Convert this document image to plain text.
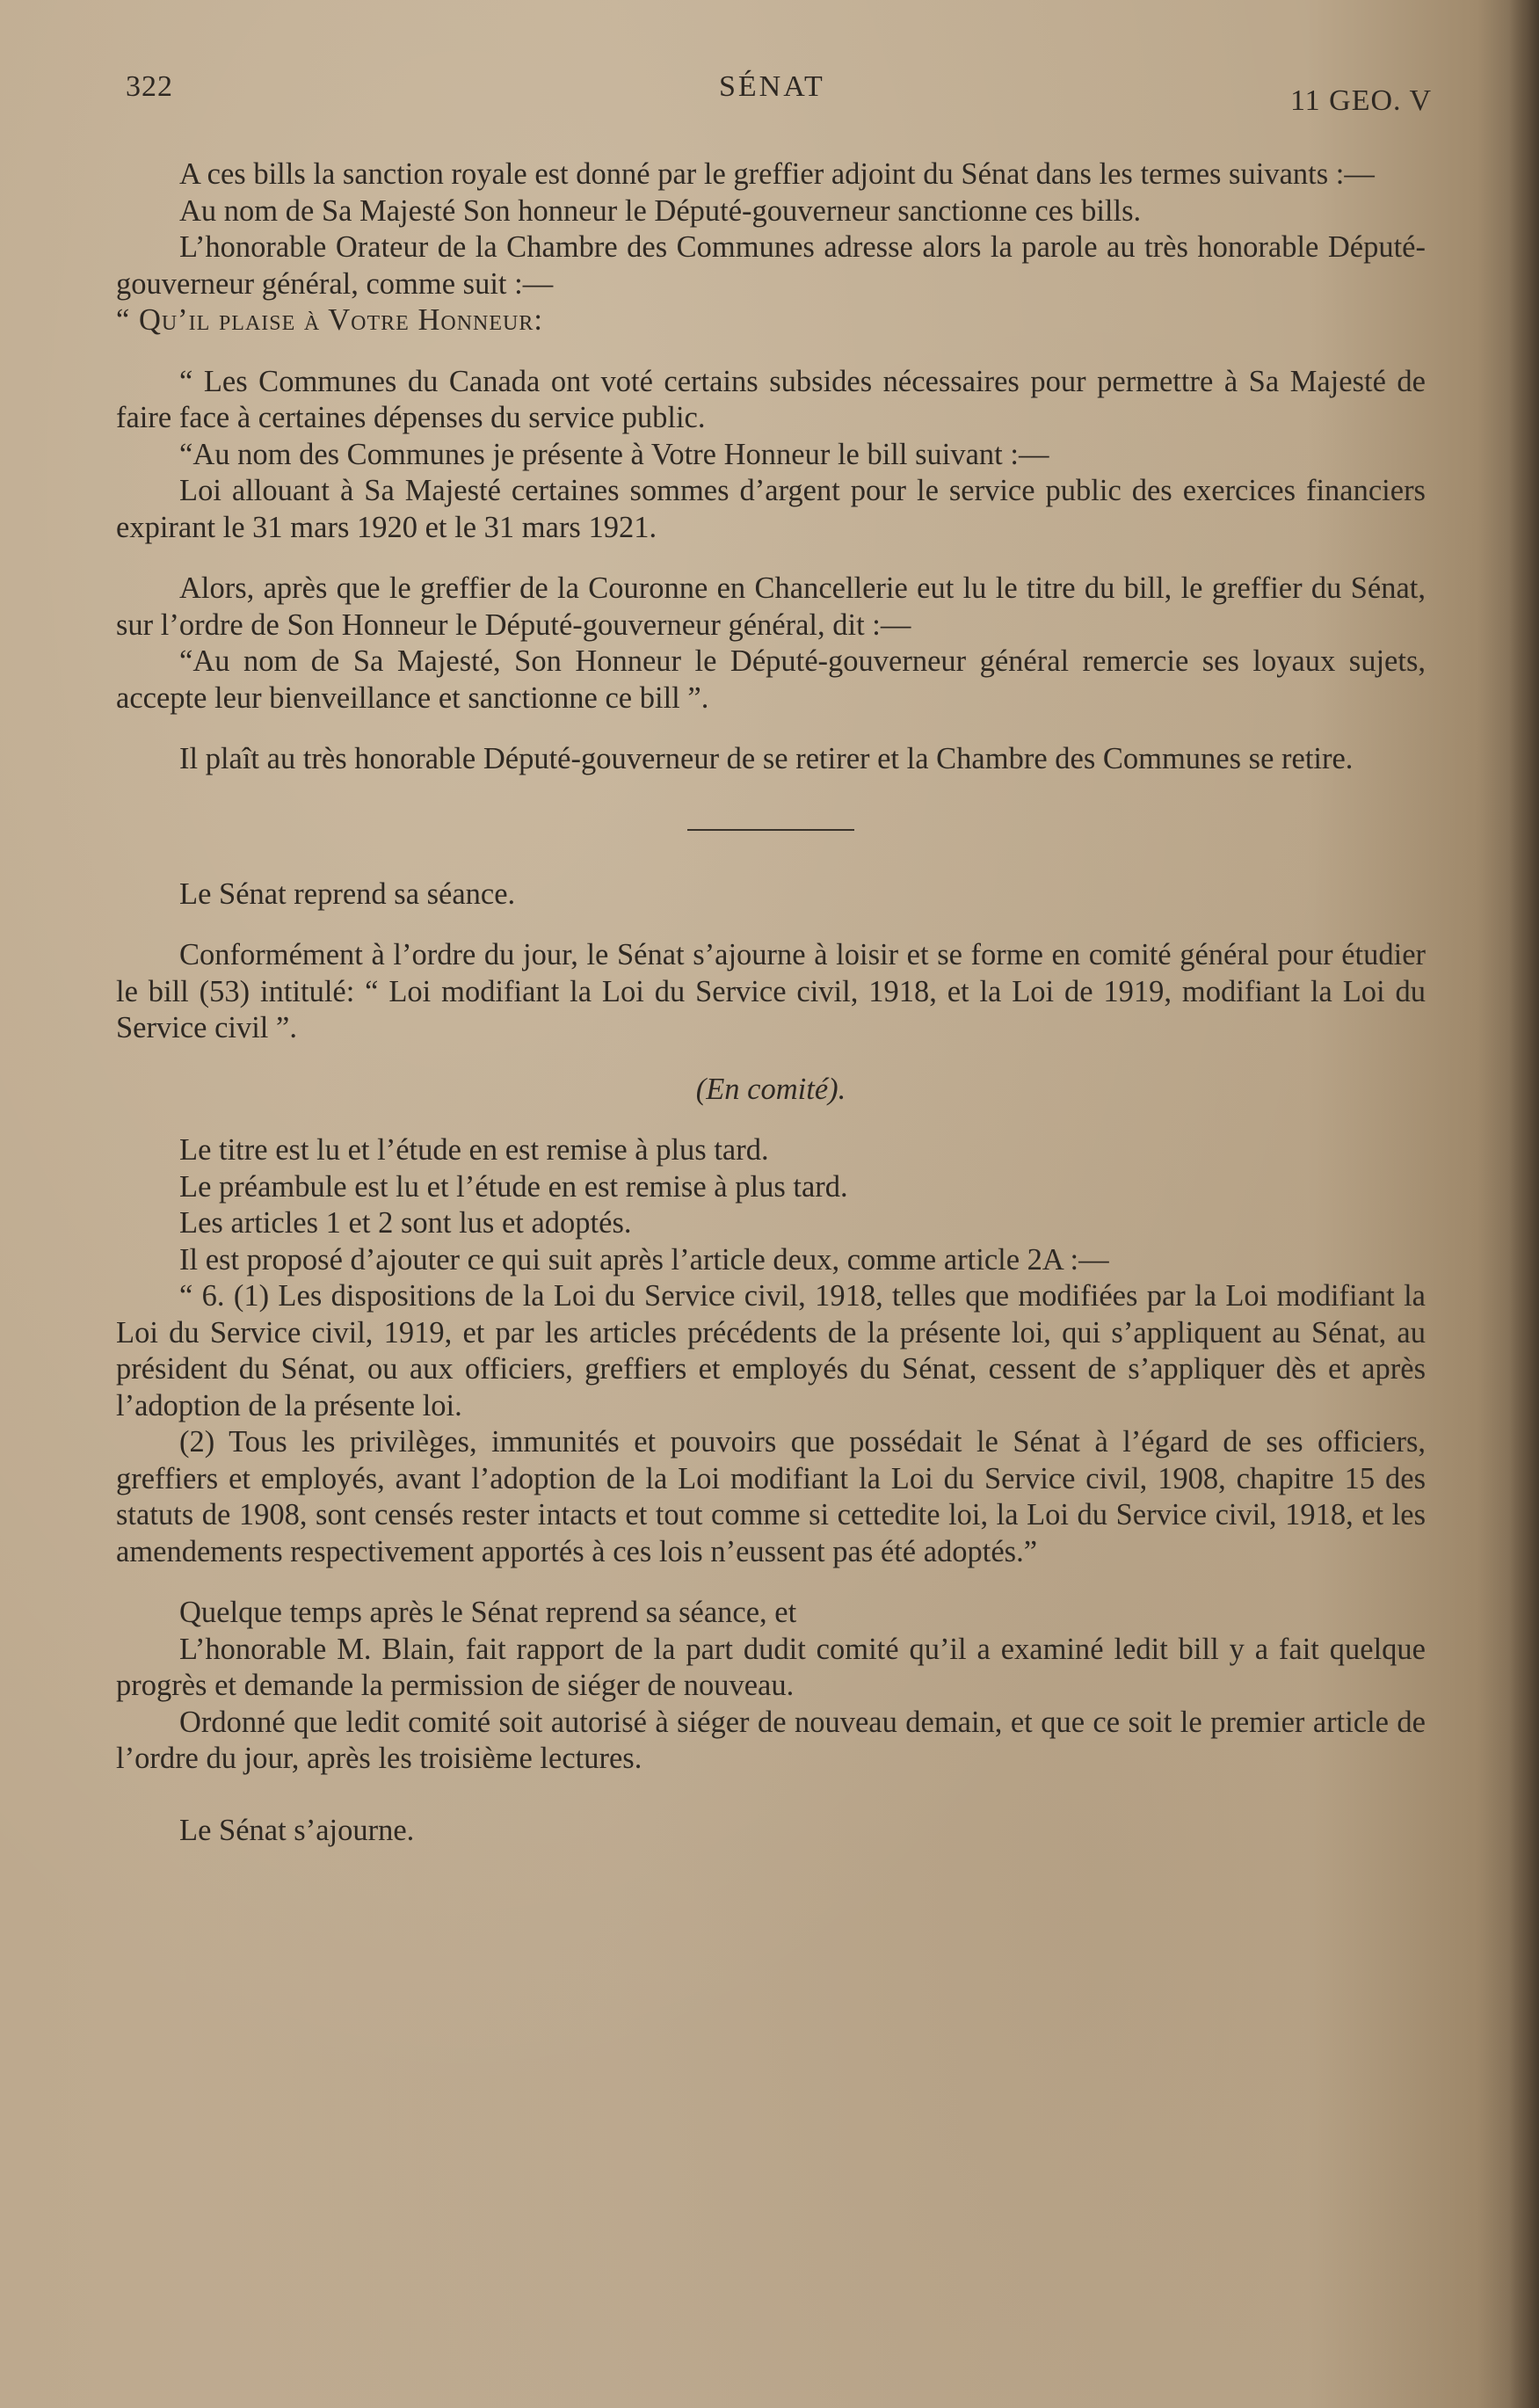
322	SÉNAT	11 GEO. V

A ces bills la sanction royale est donné par le greffier adjoint du Sénat dans les termes suivants :—

Au nom de Sa Majesté Son honneur le Député-gouverneur sanctionne ces bills.

L’honorable Orateur de la Chambre des Communes adresse alors la parole au très honorable Député-gouverneur général, comme suit :—

“ Qu’il plaise à Votre Honneur:

“ Les Communes du Canada ont voté certains subsides nécessaires pour permettre à Sa Majesté de faire face à certaines dépenses du service public.

“Au nom des Communes je présente à Votre Honneur le bill suivant :—

Loi allouant à Sa Majesté certaines sommes d’argent pour le service public des exercices financiers expirant le 31 mars 1920 et le 31 mars 1921.

Alors, après que le greffier de la Couronne en Chancellerie eut lu le titre du bill, le greffier du Sénat, sur l’ordre de Son Honneur le Député-gouverneur général, dit :—

“Au nom de Sa Majesté, Son Honneur le Député-gouverneur général remercie ses loyaux sujets, accepte leur bienveillance et sanctionne ce bill ”.

Il plaît au très honorable Député-gouverneur de se retirer et la Chambre des Communes se retire.

Le Sénat reprend sa séance.

Conformément à l’ordre du jour, le Sénat s’ajourne à loisir et se forme en comité général pour étudier le bill (53) intitulé: “ Loi modifiant la Loi du Service civil, 1918, et la Loi de 1919, modifiant la Loi du Service civil ”.

(En comité).

Le titre est lu et l’étude en est remise à plus tard.

Le préambule est lu et l’étude en est remise à plus tard.

Les articles 1 et 2 sont lus et adoptés.

Il est proposé d’ajouter ce qui suit après l’article deux, comme article 2A :—

“ 6. (1) Les dispositions de la Loi du Service civil, 1918, telles que modifiées par la Loi modifiant la Loi du Service civil, 1919, et par les articles précédents de la présente loi, qui s’appliquent au Sénat, au président du Sénat, ou aux officiers, greffiers et employés du Sénat, cessent de s’appliquer dès et après l’adoption de la présente loi.

(2) Tous les privilèges, immunités et pouvoirs que possédait le Sénat à l’égard de ses officiers, greffiers et employés, avant l’adoption de la Loi modifiant la Loi du Service civil, 1908, chapitre 15 des statuts de 1908, sont censés rester intacts et tout comme si cettedite loi, la Loi du Service civil, 1918, et les amendements respectivement apportés à ces lois n’eussent pas été adoptés.”

Quelque temps après le Sénat reprend sa séance, et

L’honorable M. Blain, fait rapport de la part dudit comité qu’il a examiné ledit bill y a fait quelque progrès et demande la permission de siéger de nouveau.

Ordonné que ledit comité soit autorisé à siéger de nouveau demain, et que ce soit le premier article de l’ordre du jour, après les troisième lectures.

Le Sénat s’ajourne.
